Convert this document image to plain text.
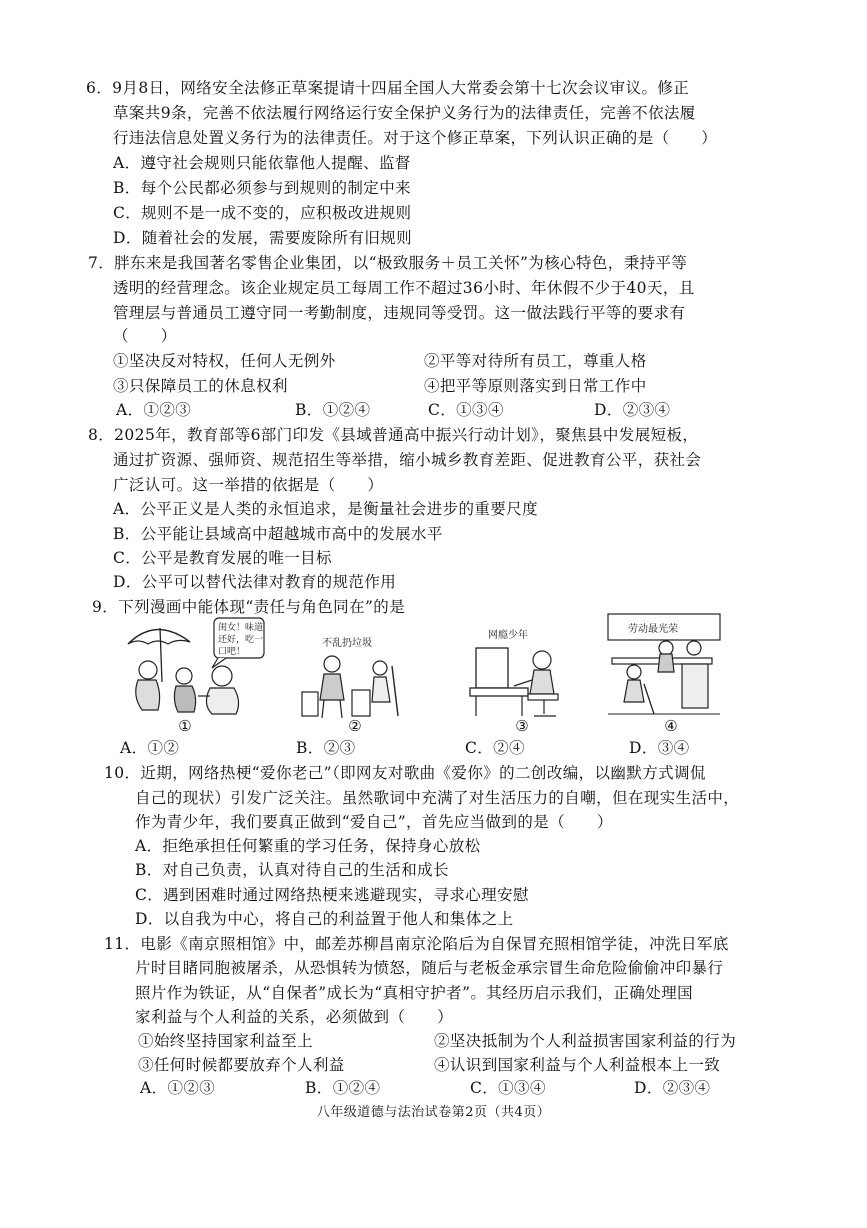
6．9月8日，网络安全法修正草案提请十四届全国人大常委会第十七次会议审议。修正
草案共9条，完善不依法履行网络运行安全保护义务行为的法律责任，完善不依法履
行违法信息处置义务行为的法律责任。对于这个修正草案，下列认识正确的是（　　）
A．遵守社会规则只能依靠他人提醒、监督
B．每个公民都必须参与到规则的制定中来
C．规则不是一成不变的，应积极改进规则
D．随着社会的发展，需要废除所有旧规则
7．胖东来是我国著名零售企业集团，以“极致服务＋员工关怀”为核心特色，秉持平等
透明的经营理念。该企业规定员工每周工作不超过36小时、年休假不少于40天，且
管理层与普通员工遵守同一考勤制度，违规同等受罚。这一做法践行平等的要求有
（　　）
①坚决反对特权，任何人无例外	②平等对待所有员工，尊重人格
③只保障员工的休息权利	④把平等原则落实到日常工作中
A．①②③	B．①②④	C．①③④	D．②③④
8．2025年，教育部等6部门印发《县域普通高中振兴行动计划》，聚焦县中发展短板，
通过扩资源、强师资、规范招生等举措，缩小城乡教育差距、促进教育公平，获社会
广泛认可。这一举措的依据是（　　）
A．公平正义是人类的永恒追求，是衡量社会进步的重要尺度
B．公平能让县域高中超越城市高中的发展水平
C．公平是教育发展的唯一目标
D．公平可以替代法律对教育的规范作用
9．下列漫画中能体现“责任与角色同在”的是
闺女！味道
还好，吃一
口吧！
①
不乱扔垃圾
②
网瘾少年
③
劳动最光荣
④
A．①②	B．②③	C．②④	D．③④
10．近期，网络热梗“爱你老己”（即网友对歌曲《爱你》的二创改编，以幽默方式调侃
自己的现状）引发广泛关注。虽然歌词中充满了对生活压力的自嘲，但在现实生活中，
作为青少年，我们要真正做到“爱自己”，首先应当做到的是（　　）
A．拒绝承担任何繁重的学习任务，保持身心放松
B．对自己负责，认真对待自己的生活和成长
C．遇到困难时通过网络热梗来逃避现实，寻求心理安慰
D．以自我为中心，将自己的利益置于他人和集体之上
11．电影《南京照相馆》中，邮差苏柳昌南京沦陷后为自保冒充照相馆学徒，冲洗日军底
片时目睹同胞被屠杀，从恐惧转为愤怒，随后与老板金承宗冒生命危险偷偷冲印暴行
照片作为铁证，从“自保者”成长为“真相守护者”。其经历启示我们，正确处理国
家利益与个人利益的关系，必须做到（　　）
①始终坚持国家利益至上	②坚决抵制为个人利益损害国家利益的行为
③任何时候都要放弃个人利益	④认识到国家利益与个人利益根本上一致
A．①②③	B．①②④	C．①③④	D．②③④
八年级道德与法治试卷第2页（共4页）
